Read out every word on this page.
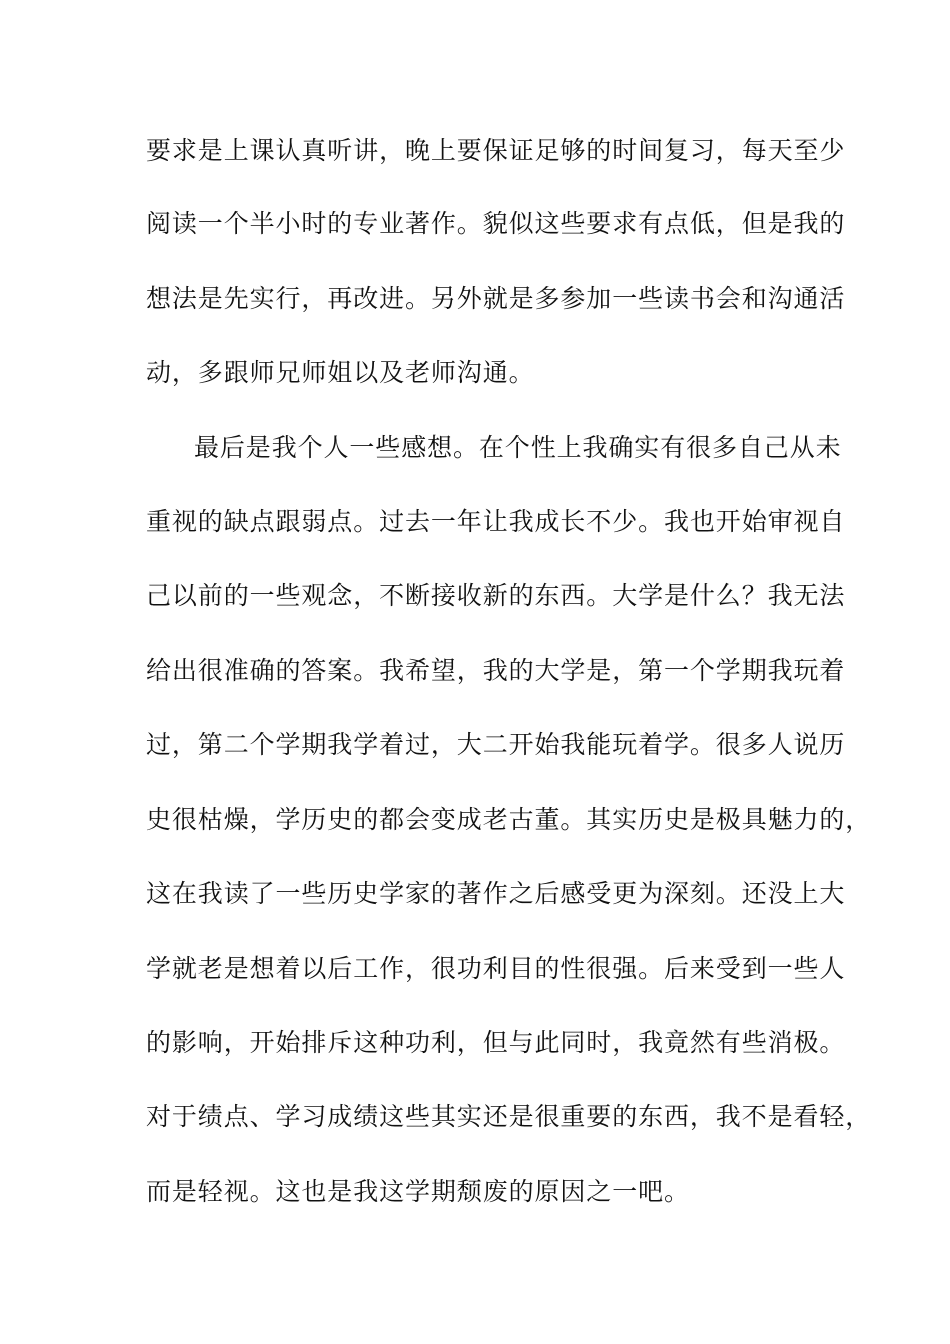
要求是上课认真听讲，晚上要保证足够的时间复习，每天至少
阅读一个半小时的专业著作。貌似这些要求有点低，但是我的
想法是先实行，再改进。另外就是多参加一些读书会和沟通活
动，多跟师兄师姐以及老师沟通。
最后是我个人一些感想。在个性上我确实有很多自己从未
重视的缺点跟弱点。过去一年让我成长不少。我也开始审视自
己以前的一些观念，不断接收新的东西。大学是什么？我无法
给出很准确的答案。我希望，我的大学是，第一个学期我玩着
过，第二个学期我学着过，大二开始我能玩着学。很多人说历
史很枯燥，学历史的都会变成老古董。其实历史是极具魅力的，
这在我读了一些历史学家的著作之后感受更为深刻。还没上大
学就老是想着以后工作，很功利目的性很强。后来受到一些人
的影响，开始排斥这种功利，但与此同时，我竟然有些消极。
对于绩点、学习成绩这些其实还是很重要的东西，我不是看轻，
而是轻视。这也是我这学期颓废的原因之一吧。
